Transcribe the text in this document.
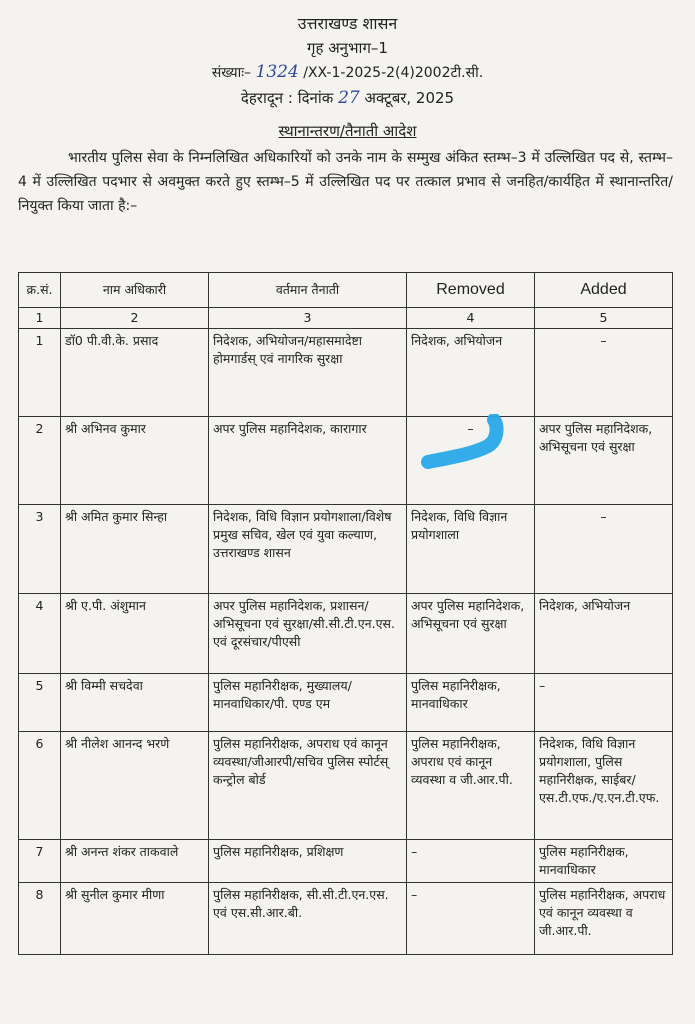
उत्तराखण्ड शासन
गृह अनुभाग–1
संख्याः– 1324 /XX-1-2025-2(4)2002टी.सी.
देहरादून : दिनांक 27 अक्टूबर, 2025
स्थानान्तरण/तैनाती आदेश
भारतीय पुलिस सेवा के निम्नलिखित अधिकारियों को उनके नाम के सम्मुख अंकित स्तम्भ–3 में उल्लिखित पद से, स्तम्भ–4 में उल्लिखित पदभार से अवमुक्त करते हुए स्तम्भ–5 में उल्लिखित पद पर तत्काल प्रभाव से जनहित/कार्यहित में स्थानान्तरित/नियुक्त किया जाता है:–
क्र.सं.	नाम अधिकारी	वर्तमान तैनाती	Removed	Added
1	2	3	4	5
1	डॉ0 पी.वी.के. प्रसाद	निदेशक, अभियोजन/महासमादेष्टा होमगार्डस् एवं नागरिक सुरक्षा	निदेशक, अभियोजन	–
2	श्री अभिनव कुमार	अपर पुलिस महानिदेशक, कारागार	–	अपर पुलिस महानिदेशक, अभिसूचना एवं सुरक्षा
3	श्री अमित कुमार सिन्हा	निदेशक, विधि विज्ञान प्रयोगशाला/विशेष प्रमुख सचिव, खेल एवं युवा कल्याण, उत्तराखण्ड शासन	निदेशक, विधि विज्ञान प्रयोगशाला	–
4	श्री ए.पी. अंशुमान	अपर पुलिस महानिदेशक, प्रशासन/अभिसूचना एवं सुरक्षा/सी.सी.टी.एन.एस. एवं दूरसंचार/पीएसी	अपर पुलिस महानिदेशक, अभिसूचना एवं सुरक्षा	निदेशक, अभियोजन
5	श्री विम्मी सचदेवा	पुलिस महानिरीक्षक, मुख्यालय/मानवाधिकार/पी. एण्ड एम	पुलिस महानिरीक्षक, मानवाधिकार	–
6	श्री नीलेश आनन्द भरणे	पुलिस महानिरीक्षक, अपराध एवं कानून व्यवस्था/जीआरपी/सचिव पुलिस स्पोर्टस् कन्ट्रोल बोर्ड	पुलिस महानिरीक्षक, अपराध एवं कानून व्यवस्था व जी.आर.पी.	निदेशक, विधि विज्ञान प्रयोगशाला, पुलिस महानिरीक्षक, साईबर/एस.टी.एफ./ए.एन.टी.एफ.
7	श्री अनन्त शंकर ताकवाले	पुलिस महानिरीक्षक, प्रशिक्षण	–	पुलिस महानिरीक्षक, मानवाधिकार
8	श्री सुनील कुमार मीणा	पुलिस महानिरीक्षक, सी.सी.टी.एन.एस. एवं एस.सी.आर.बी.	–	पुलिस महानिरीक्षक, अपराध एवं कानून व्यवस्था व जी.आर.पी.
